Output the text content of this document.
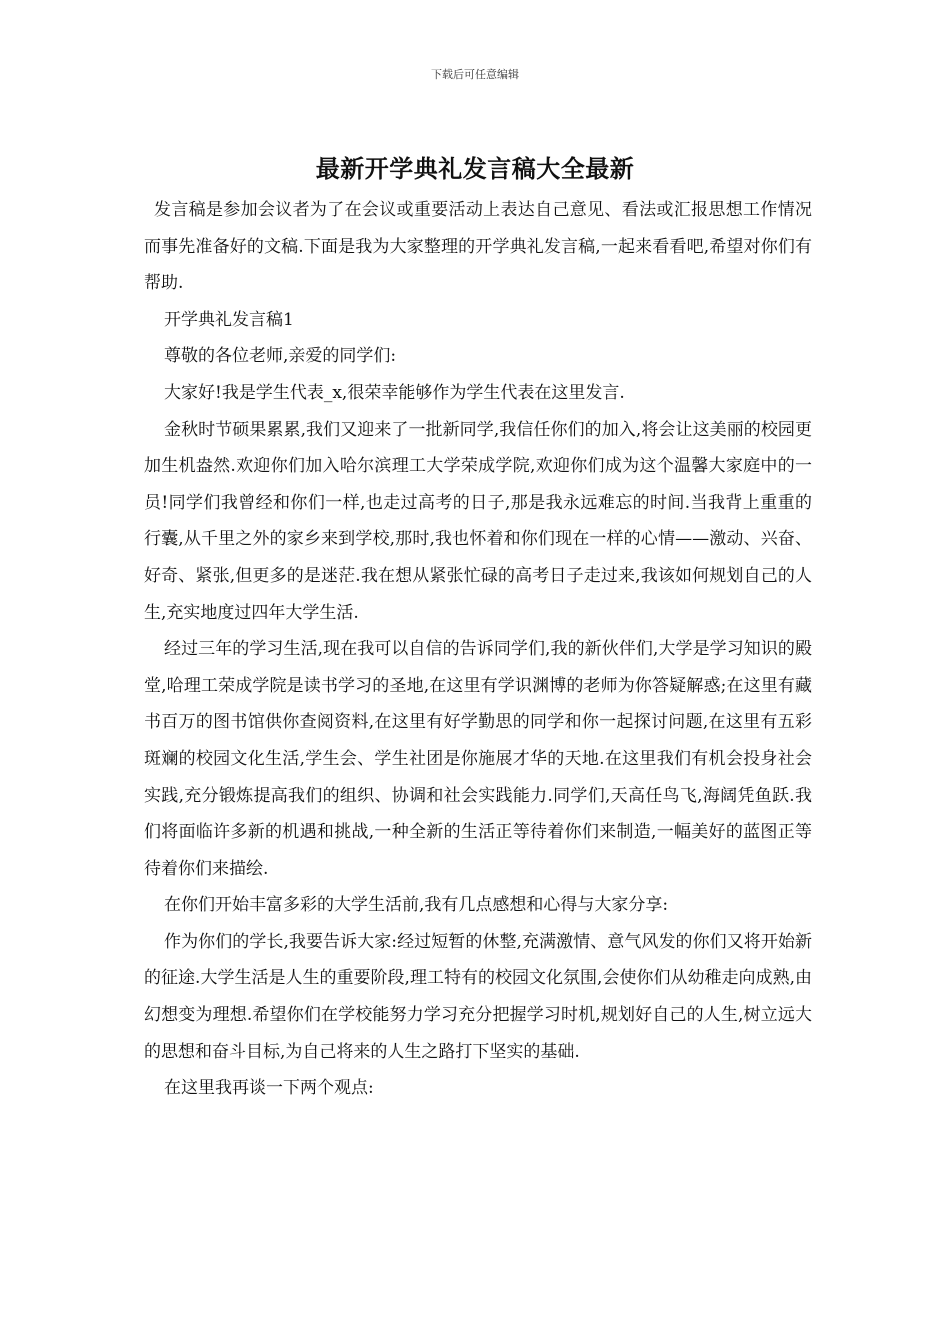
下载后可任意编辑
最新开学典礼发言稿大全最新

发言稿是参加会议者为了在会议或重要活动上表达自己意见、看法或汇报思想工作情况而事先准备好的文稿.下面是我为大家整理的开学典礼发言稿,一起来看看吧,希望对你们有帮助.

开学典礼发言稿1

尊敬的各位老师,亲爱的同学们:

大家好!我是学生代表_x,很荣幸能够作为学生代表在这里发言.

金秋时节硕果累累,我们又迎来了一批新同学,我信任你们的加入,将会让这美丽的校园更加生机盎然.欢迎你们加入哈尔滨理工大学荣成学院,欢迎你们成为这个温馨大家庭中的一员!同学们我曾经和你们一样,也走过高考的日子,那是我永远难忘的时间.当我背上重重的行囊,从千里之外的家乡来到学校,那时,我也怀着和你们现在一样的心情——激动、兴奋、好奇、紧张,但更多的是迷茫.我在想从紧张忙碌的高考日子走过来,我该如何规划自己的人生,充实地度过四年大学生活.

经过三年的学习生活,现在我可以自信的告诉同学们,我的新伙伴们,大学是学习知识的殿堂,哈理工荣成学院是读书学习的圣地,在这里有学识渊博的老师为你答疑解惑;在这里有藏书百万的图书馆供你查阅资料,在这里有好学勤思的同学和你一起探讨问题,在这里有五彩斑斓的校园文化生活,学生会、学生社团是你施展才华的天地.在这里我们有机会投身社会实践,充分锻炼提高我们的组织、协调和社会实践能力.同学们,天高任鸟飞,海阔凭鱼跃.我们将面临许多新的机遇和挑战,一种全新的生活正等待着你们来制造,一幅美好的蓝图正等待着你们来描绘.

在你们开始丰富多彩的大学生活前,我有几点感想和心得与大家分享:

作为你们的学长,我要告诉大家:经过短暂的休整,充满激情、意气风发的你们又将开始新的征途.大学生活是人生的重要阶段,理工特有的校园文化氛围,会使你们从幼稚走向成熟,由幻想变为理想.希望你们在学校能努力学习充分把握学习时机,规划好自己的人生,树立远大的思想和奋斗目标,为自己将来的人生之路打下坚实的基础.

在这里我再谈一下两个观点:
